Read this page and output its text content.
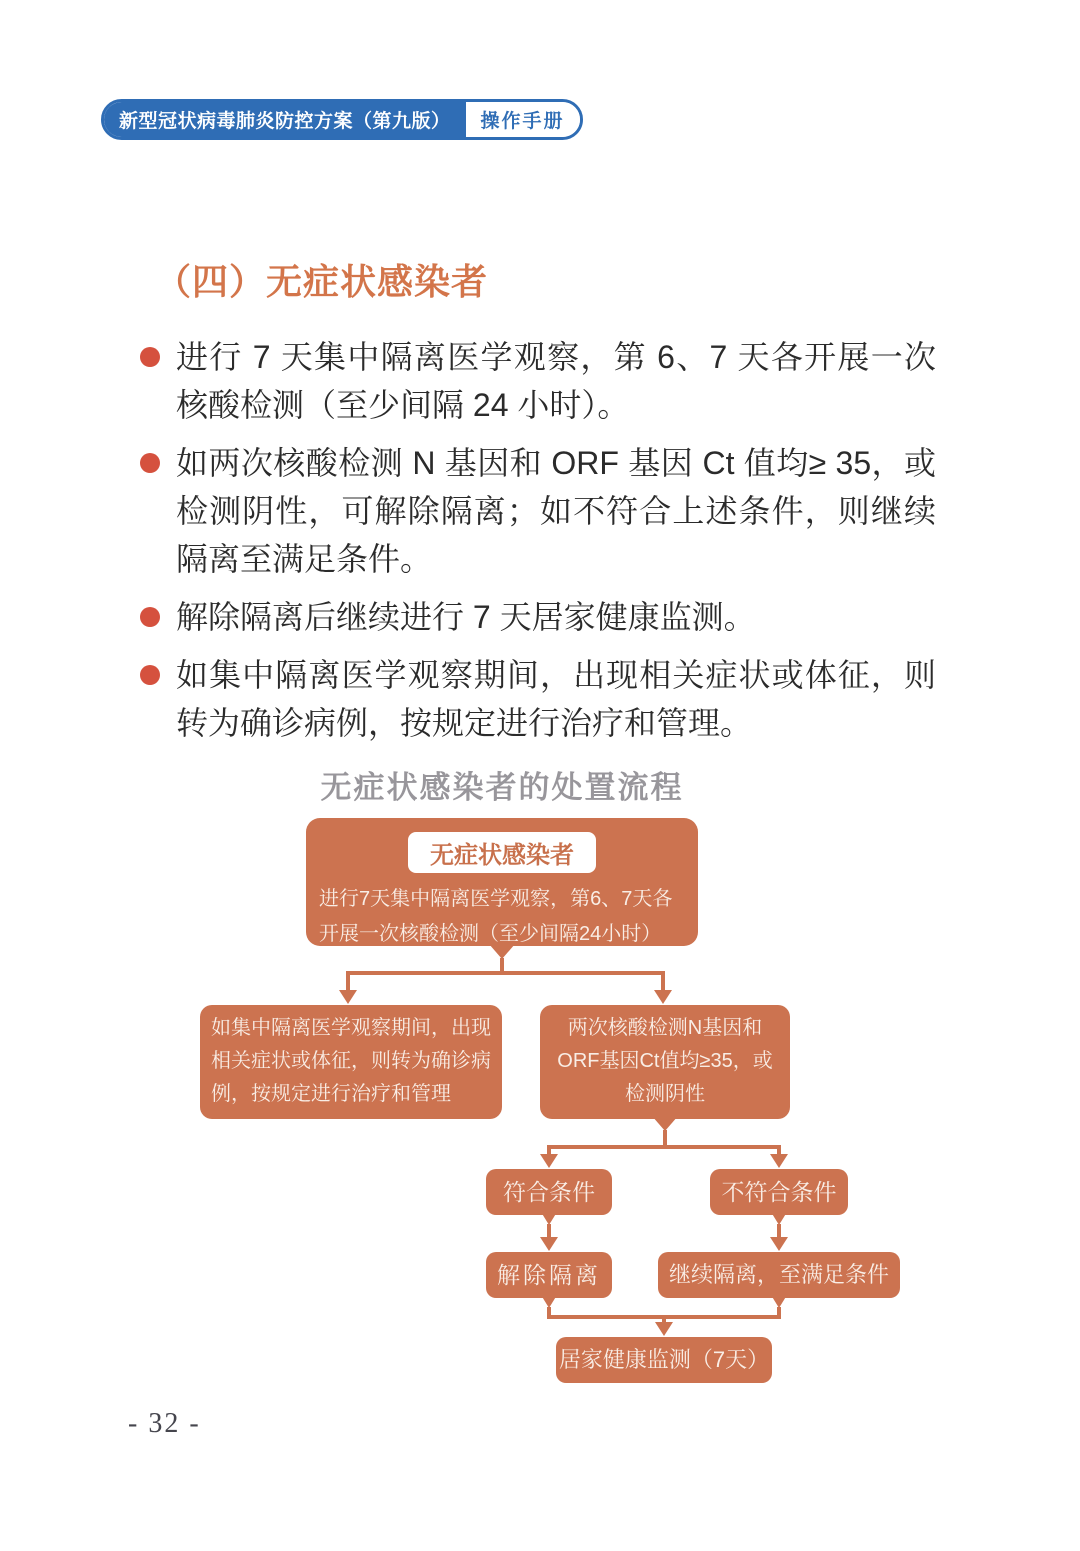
新型冠状病毒肺炎防控方案（第九版）	操作手册
（四）无症状感染者
进行 7 天集中隔离医学观察，第 6、7 天各开展一次核酸检测（至少间隔 24 小时）。
如两次核酸检测 N 基因和 ORF 基因 Ct 值均≥ 35，或检测阴性，可解除隔离；如不符合上述条件，则继续隔离至满足条件。
解除隔离后继续进行 7 天居家健康监测。
如集中隔离医学观察期间，出现相关症状或体征，则转为确诊病例，按规定进行治疗和管理。
无症状感染者的处置流程
无症状感染者
进行7天集中隔离医学观察，第6、7天各开展一次核酸检测（至少间隔24小时）
如集中隔离医学观察期间，出现相关症状或体征，则转为确诊病例，按规定进行治疗和管理
两次核酸检测N基因和ORF基因Ct值均≥35，或检测阴性
符合条件	不符合条件
解除隔离	继续隔离，至满足条件
居家健康监测（7天）
- 32 -
